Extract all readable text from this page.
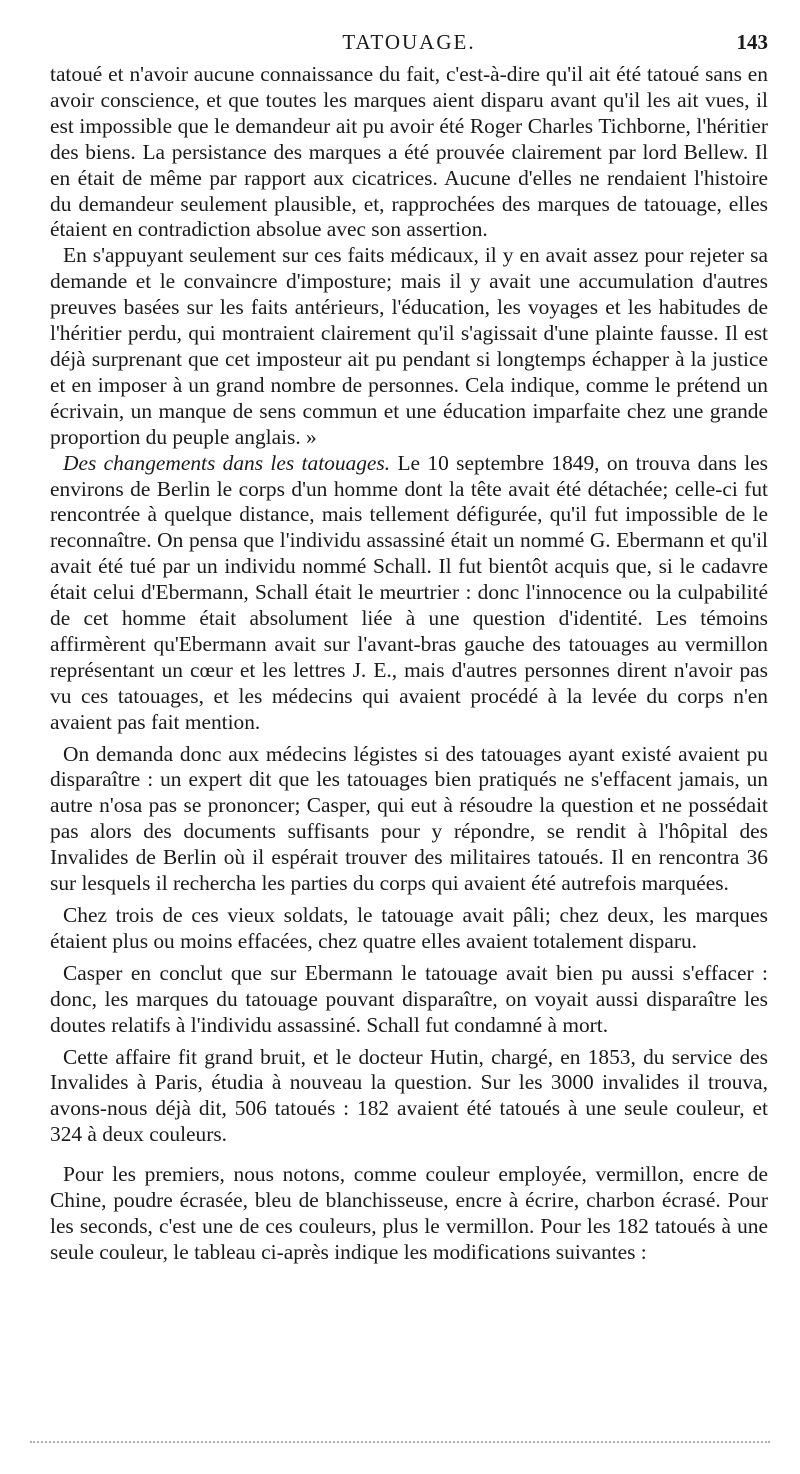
TATOUAGE.	143

tatoué et n'avoir aucune connaissance du fait, c'est-à-dire qu'il ait été tatoué sans en avoir conscience, et que toutes les marques aient disparu avant qu'il les ait vues, il est impossible que le demandeur ait pu avoir été Roger Charles Tichborne, l'héritier des biens. La persistance des marques a été prouvée clairement par lord Bellew. Il en était de même par rapport aux cicatrices. Aucune d'elles ne rendaient l'histoire du demandeur seulement plausible, et, rapprochées des marques de tatouage, elles étaient en contradiction absolue avec son assertion.

En s'appuyant seulement sur ces faits médicaux, il y en avait assez pour rejeter sa demande et le convaincre d'imposture; mais il y avait une accumulation d'autres preuves basées sur les faits antérieurs, l'éducation, les voyages et les habitudes de l'héritier perdu, qui montraient clairement qu'il s'agissait d'une plainte fausse. Il est déjà surprenant que cet imposteur ait pu pendant si longtemps échapper à la justice et en imposer à un grand nombre de personnes. Cela indique, comme le prétend un écrivain, un manque de sens commun et une éducation imparfaite chez une grande proportion du peuple anglais. »

Des changements dans les tatouages. Le 10 septembre 1849, on trouva dans les environs de Berlin le corps d'un homme dont la tête avait été détachée; celle-ci fut rencontrée à quelque distance, mais tellement défigurée, qu'il fut impossible de le reconnaître. On pensa que l'individu assassiné était un nommé G. Ebermann et qu'il avait été tué par un individu nommé Schall. Il fut bientôt acquis que, si le cadavre était celui d'Ebermann, Schall était le meurtrier : donc l'innocence ou la culpabilité de cet homme était absolument liée à une question d'identité. Les témoins affirmèrent qu'Ebermann avait sur l'avant-bras gauche des tatouages au vermillon représentant un cœur et les lettres J. E., mais d'autres personnes dirent n'avoir pas vu ces tatouages, et les médecins qui avaient procédé à la levée du corps n'en avaient pas fait mention.

On demanda donc aux médecins légistes si des tatouages ayant existé avaient pu disparaître : un expert dit que les tatouages bien pratiqués ne s'effacent jamais, un autre n'osa pas se prononcer; Casper, qui eut à résoudre la question et ne possédait pas alors des documents suffisants pour y répondre, se rendit à l'hôpital des Invalides de Berlin où il espérait trouver des militaires tatoués. Il en rencontra 36 sur lesquels il rechercha les parties du corps qui avaient été autrefois marquées.

Chez trois de ces vieux soldats, le tatouage avait pâli; chez deux, les marques étaient plus ou moins effacées, chez quatre elles avaient totalement disparu.

Casper en conclut que sur Ebermann le tatouage avait bien pu aussi s'effacer : donc, les marques du tatouage pouvant disparaître, on voyait aussi disparaître les doutes relatifs à l'individu assassiné. Schall fut condamné à mort.

Cette affaire fit grand bruit, et le docteur Hutin, chargé, en 1853, du service des Invalides à Paris, étudia à nouveau la question. Sur les 3000 invalides il trouva, avons-nous déjà dit, 506 tatoués : 182 avaient été tatoués à une seule couleur, et 324 à deux couleurs.

Pour les premiers, nous notons, comme couleur employée, vermillon, encre de Chine, poudre écrasée, bleu de blanchisseuse, encre à écrire, charbon écrasé. Pour les seconds, c'est une de ces couleurs, plus le vermillon. Pour les 182 tatoués à une seule couleur, le tableau ci-après indique les modifications suivantes :
